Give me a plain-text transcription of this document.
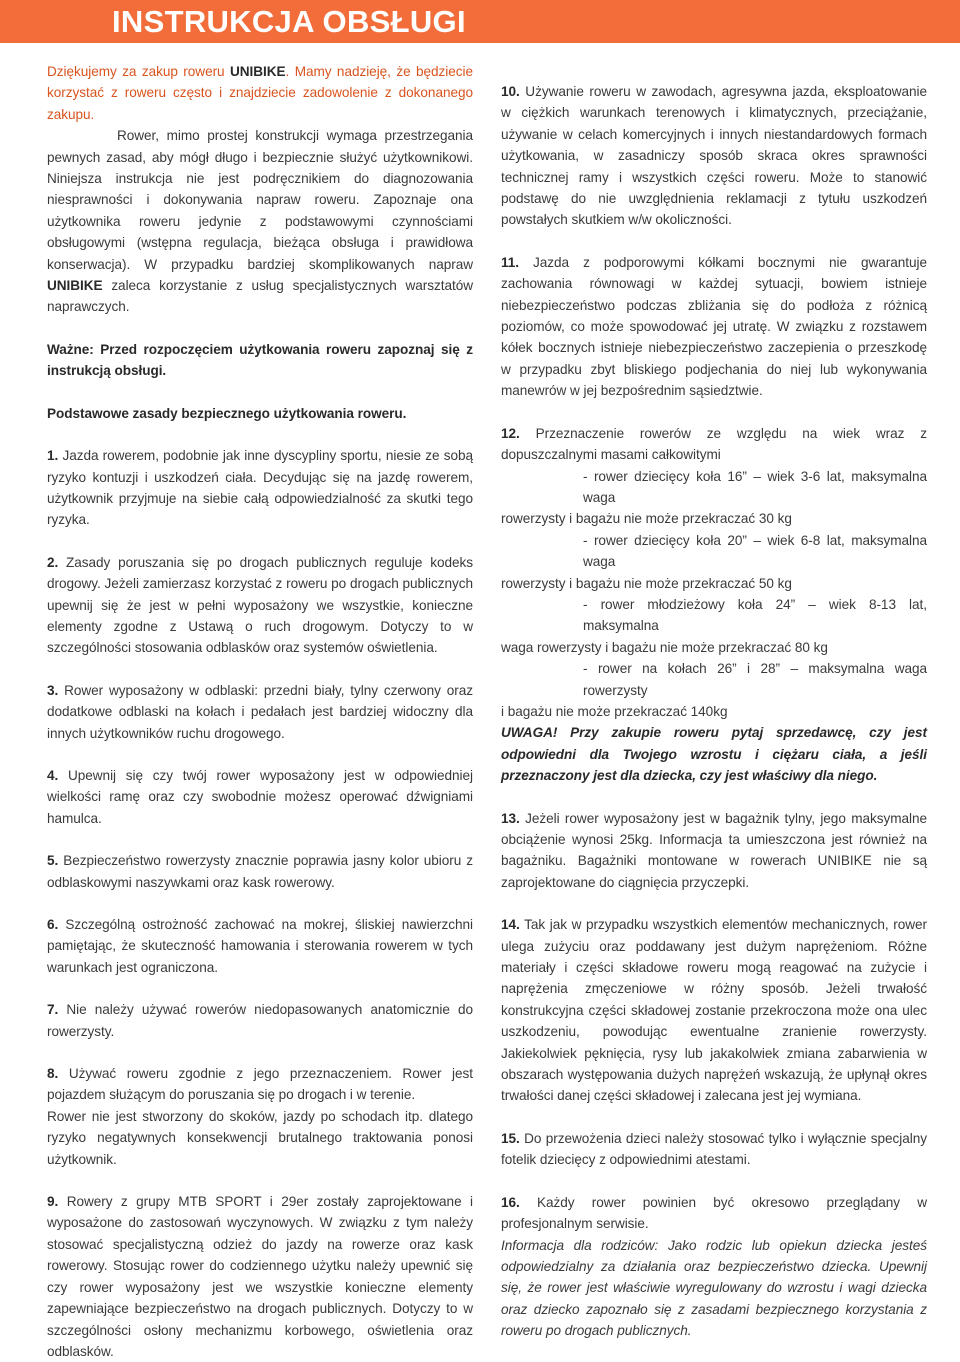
INSTRUKCJA OBSŁUGI

Dziękujemy za zakup roweru UNIBIKE. Mamy nadzieję, że będziecie korzystać z roweru często i znajdziecie zadowolenie z dokonanego zakupu.

Rower, mimo prostej konstrukcji wymaga przestrzegania pewnych zasad, aby mógł długo i bezpiecznie służyć użytkownikowi. Niniejsza instrukcja nie jest podręcznikiem do diagnozowania niesprawności i dokonywania napraw roweru. Zapoznaje ona użytkownika roweru jedynie z podstawowymi czynnościami obsługowymi (wstępna regulacja, bieżąca obsługa i prawidłowa konserwacja). W przypadku bardziej skomplikowanych napraw UNIBIKE zaleca korzystanie z usług specjalistycznych warsztatów naprawczych.

Ważne: Przed rozpoczęciem użytkowania roweru zapoznaj się z instrukcją obsługi.

Podstawowe zasady bezpiecznego użytkowania roweru.

1. Jazda rowerem, podobnie jak inne dyscypliny sportu, niesie ze sobą ryzyko kontuzji i uszkodzeń ciała. Decydując się na jazdę rowerem, użytkownik przyjmuje na siebie całą odpowiedzialność za skutki tego ryzyka.

2. Zasady poruszania się po drogach publicznych reguluje kodeks drogowy. Jeżeli zamierzasz korzystać z roweru po drogach publicznych upewnij się że jest w pełni wyposażony we wszystkie, konieczne elementy zgodne z Ustawą o ruch drogowym. Dotyczy to w szczególności stosowania odblasków oraz systemów oświetlenia.

3. Rower wyposażony w odblaski: przedni biały, tylny czerwony oraz dodatkowe odblaski na kołach i pedałach jest bardziej widoczny dla innych użytkowników ruchu drogowego.

4. Upewnij się czy twój rower wyposażony jest w odpowiedniej wielkości ramę oraz czy swobodnie możesz operować dźwigniami hamulca.

5. Bezpieczeństwo rowerzysty znacznie poprawia jasny kolor ubioru z odblaskowymi naszywkami oraz kask rowerowy.

6. Szczególną ostrożność zachować na mokrej, śliskiej nawierzchni pamiętając, że skuteczność hamowania i sterowania rowerem w tych warunkach jest ograniczona.

7. Nie należy używać rowerów niedopasowanych anatomicznie do rowerzysty.

8. Używać roweru zgodnie z jego przeznaczeniem. Rower jest pojazdem służącym do poruszania się po drogach i w terenie.

Rower nie jest stworzony do skoków, jazdy po schodach itp. dlatego ryzyko negatywnych konsekwencji brutalnego traktowania ponosi użytkownik.

9. Rowery z grupy MTB SPORT i 29er zostały zaprojektowane i wyposażone do zastosowań wyczynowych. W związku z tym należy stosować specjalistyczną odzież do jazdy na rowerze oraz kask rowerowy. Stosując rower do codziennego użytku należy upewnić się czy rower wyposażony jest we wszystkie konieczne elementy zapewniające bezpieczeństwo na drogach publicznych. Dotyczy to w szczególności osłony mechanizmu korbowego, oświetlenia oraz odblasków.

10. Używanie roweru w zawodach, agresywna jazda, eksploatowanie w ciężkich warunkach terenowych i klimatycznych, przeciążanie, używanie w celach komercyjnych i innych niestandardowych formach użytkowania, w zasadniczy sposób skraca okres sprawności technicznej ramy i wszystkich części roweru. Może to stanowić podstawę do nie uwzględnienia reklamacji z tytułu uszkodzeń powstałych skutkiem w/w okoliczności.

11. Jazda z podporowymi kółkami bocznymi nie gwarantuje zachowania równowagi w każdej sytuacji, bowiem istnieje niebezpieczeństwo podczas zbliżania się do podłoża z różnicą poziomów, co może spowodować jej utratę. W związku z rozstawem kółek bocznych istnieje niebezpieczeństwo zaczepienia o przeszkodę w przypadku zbyt bliskiego podjechania do niej lub wykonywania manewrów w jej bezpośrednim sąsiedztwie.

12. Przeznaczenie rowerów ze względu na wiek wraz z dopuszczalnymi masami całkowitymi

- rower dziecięcy koła 16” – wiek 3-6 lat, maksymalna waga

rowerzysty i bagażu nie może przekraczać 30 kg

- rower dziecięcy koła 20” – wiek 6-8 lat, maksymalna waga

rowerzysty i bagażu nie może przekraczać 50 kg

- rower młodzieżowy koła 24” – wiek 8-13 lat, maksymalna

waga rowerzysty i bagażu nie może przekraczać 80 kg

- rower na kołach 26” i 28” – maksymalna waga rowerzysty

i bagażu nie może przekraczać 140kg

UWAGA! Przy zakupie roweru pytaj sprzedawcę, czy jest odpowiedni dla Twojego wzrostu i ciężaru ciała, a jeśli przeznaczony jest dla dziecka, czy jest właściwy dla niego.

13. Jeżeli rower wyposażony jest w bagażnik tylny, jego maksymalne obciążenie wynosi 25kg. Informacja ta umieszczona jest również na bagażniku. Bagażniki montowane w rowerach UNIBIKE nie są zaprojektowane do ciągnięcia przyczepki.

14. Tak jak w przypadku wszystkich elementów mechanicznych, rower ulega zużyciu oraz poddawany jest dużym naprężeniom. Różne materiały i części składowe roweru mogą reagować na zużycie i naprężenia zmęczeniowe w różny sposób. Jeżeli trwałość konstrukcyjna części składowej zostanie przekroczona może ona ulec uszkodzeniu, powodując ewentualne zranienie rowerzysty. Jakiekolwiek pęknięcia, rysy lub jakakolwiek zmiana zabarwienia w obszarach występowania dużych naprężeń wskazują, że upłynął okres trwałości danej części składowej i zalecana jest jej wymiana.

15. Do przewożenia dzieci należy stosować tylko i wyłącznie specjalny fotelik dziecięcy z odpowiednimi atestami.

16. Każdy rower powinien być okresowo przeglądany w profesjonalnym serwisie.

Informacja dla rodziców: Jako rodzic lub opiekun dziecka jesteś odpowiedzialny za działania oraz bezpieczeństwo dziecka. Upewnij się, że rower jest właściwie wyregulowany do wzrostu i wagi dziecka oraz dziecko zapoznało się z zasadami bezpiecznego korzystania z roweru po drogach publicznych.
